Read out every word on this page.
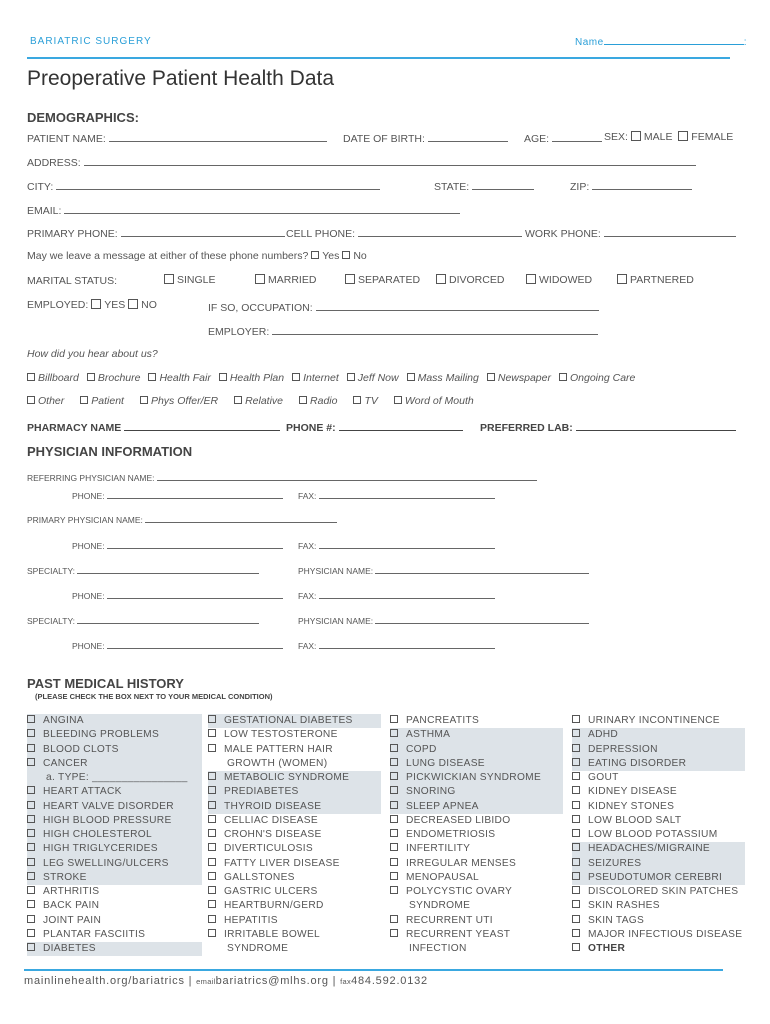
BARIATRIC SURGERY	Name	:
Preoperative Patient Health Data
DEMOGRAPHICS:
PATIENT NAME:	DATE OF BIRTH:	AGE:	SEX: MALE FEMALE
ADDRESS:
CITY:	STATE:	ZIP:
EMAIL:
PRIMARY PHONE:	CELL PHONE:	WORK PHONE:
May we leave a message at either of these phone numbers? Yes No
MARITAL STATUS:	SINGLE	MARRIED	SEPARATED	DIVORCED	WIDOWED	PARTNERED
EMPLOYED: YES NO	IF SO, OCCUPATION:
EMPLOYER:
How did you hear about us?
Billboard Brochure Health Fair Health Plan Internet Jeff Now Mass Mailing Newspaper Ongoing Care
Other	Patient	Phys Offer/ER	Relative	Radio	TV	Word of Mouth
PHARMACY NAME	PHONE #:	PREFERRED LAB:
PHYSICIAN INFORMATION
REFERRING PHYSICIAN NAME:
PHONE:	FAX:
PRIMARY PHYSICIAN NAME:
PHONE:	FAX:
SPECIALTY:	PHYSICIAN NAME:
PHONE:	FAX:
SPECIALTY:	PHYSICIAN NAME:
PHONE:	FAX:
PAST MEDICAL HISTORY
(PLEASE CHECK THE BOX NEXT TO YOUR MEDICAL CONDITION)
ANGINA
BLEEDING PROBLEMS
BLOOD CLOTS
CANCER
a. TYPE: ________________
HEART ATTACK
HEART VALVE DISORDER
HIGH BLOOD PRESSURE
HIGH CHOLESTEROL
HIGH TRIGLYCERIDES
LEG SWELLING/ULCERS
STROKE
ARTHRITIS
BACK PAIN
JOINT PAIN
PLANTAR FASCIITIS
DIABETES
GESTATIONAL DIABETES
LOW TESTOSTERONE
MALE PATTERN HAIR
GROWTH (WOMEN)
METABOLIC SYNDROME
PREDIABETES
THYROID DISEASE
CELLIAC DISEASE
CROHN'S DISEASE
DIVERTICULOSIS
FATTY LIVER DISEASE
GALLSTONES
GASTRIC ULCERS
HEARTBURN/GERD
HEPATITIS
IRRITABLE BOWEL
SYNDROME
PANCREATITS
ASTHMA
COPD
LUNG DISEASE
PICKWICKIAN SYNDROME
SNORING
SLEEP APNEA
DECREASED LIBIDO
ENDOMETRIOSIS
INFERTILITY
IRREGULAR MENSES
MENOPAUSAL
POLYCYSTIC OVARY
SYNDROME
RECURRENT UTI
RECURRENT YEAST
INFECTION
URINARY INCONTINENCE
ADHD
DEPRESSION
EATING DISORDER
GOUT
KIDNEY DISEASE
KIDNEY STONES
LOW BLOOD SALT
LOW BLOOD POTASSIUM
HEADACHES/MIGRAINE
SEIZURES
PSEUDOTUMOR CEREBRI
DISCOLORED SKIN PATCHES
SKIN RASHES
SKIN TAGS
MAJOR INFECTIOUS DISEASE
OTHER
mainlinehealth.org/bariatrics | emailbariatrics@mlhs.org | fax484.592.0132
